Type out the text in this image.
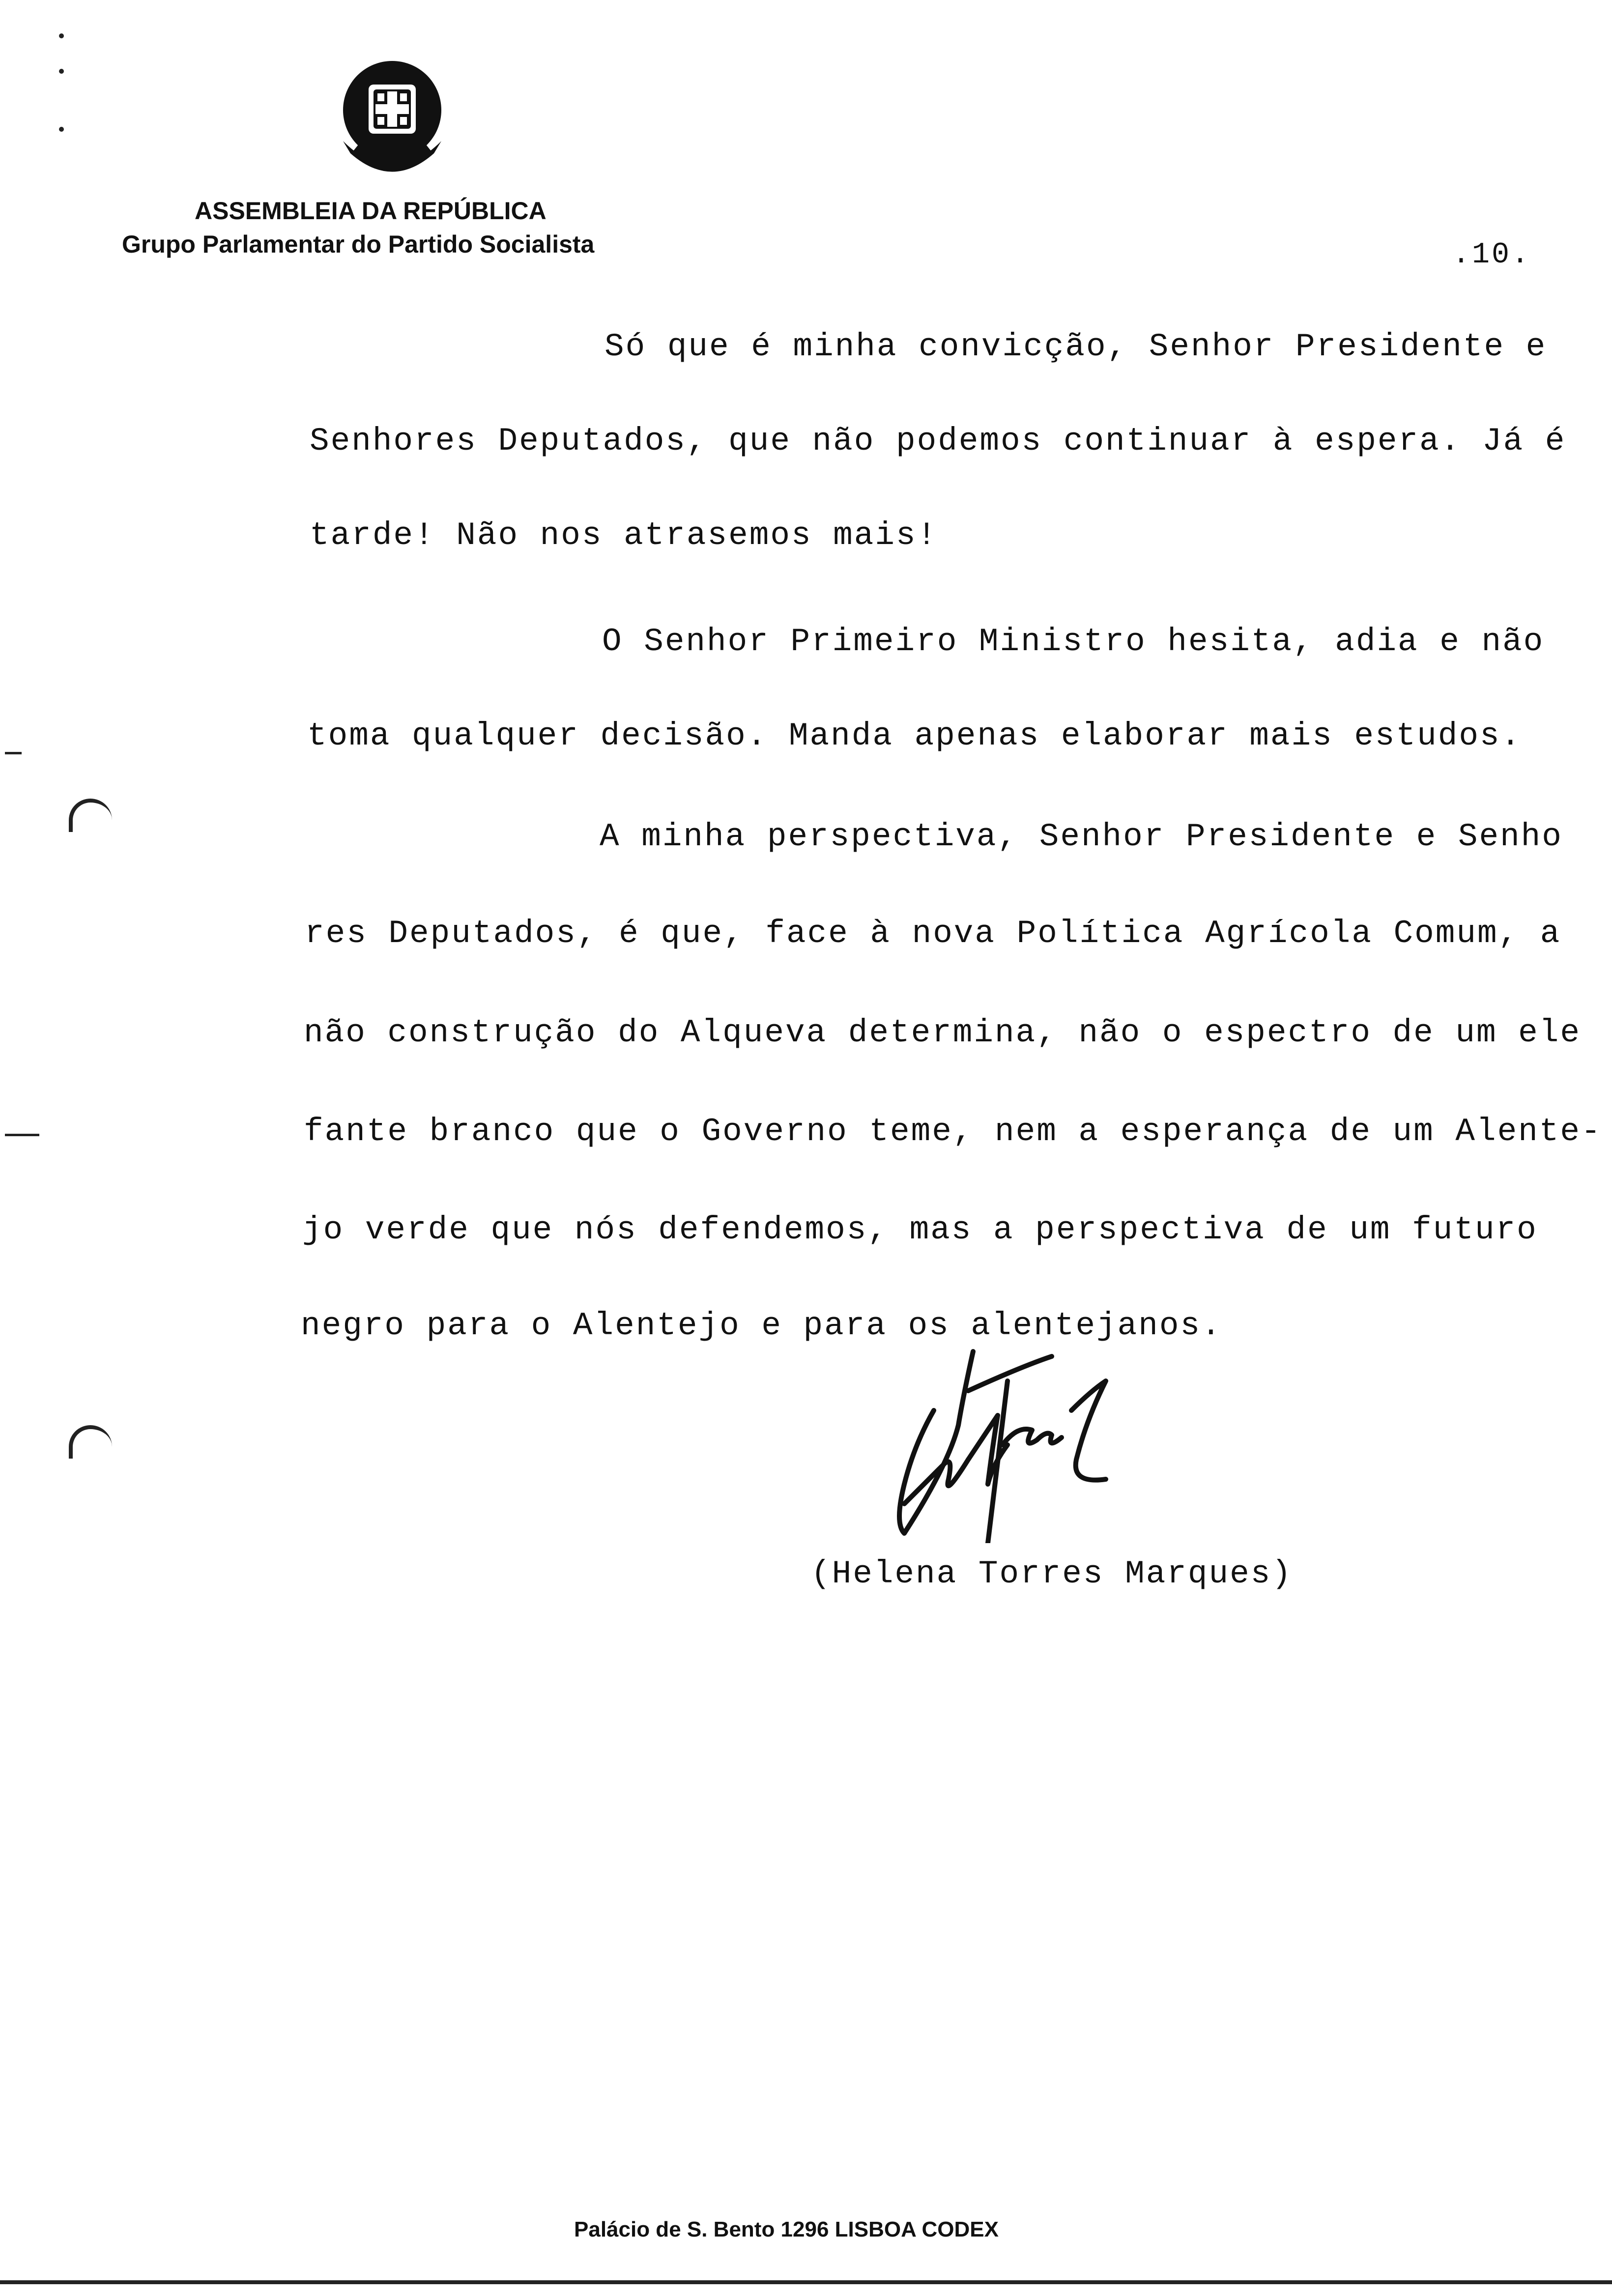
ASSEMBLEIA DA REPÚBLICA
Grupo Parlamentar do Partido Socialista	.10.
Só que é minha convicção, Senhor Presidente e
Senhores Deputados, que não podemos continuar à espera. Já é
tarde! Não nos atrasemos mais!
O Senhor Primeiro Ministro hesita, adia e não
toma qualquer decisão. Manda apenas elaborar mais estudos.
A minha perspectiva, Senhor Presidente e Senho
res Deputados, é que, face à nova Política Agrícola Comum, a
não construção do Alqueva determina, não o espectro de um ele
fante branco que o Governo teme, nem a esperança de um Alente-
jo verde que nós defendemos, mas a perspectiva de um futuro
negro para o Alentejo e para os alentejanos.
(Helena Torres Marques)
Palácio de S. Bento 1296 LISBOA CODEX
